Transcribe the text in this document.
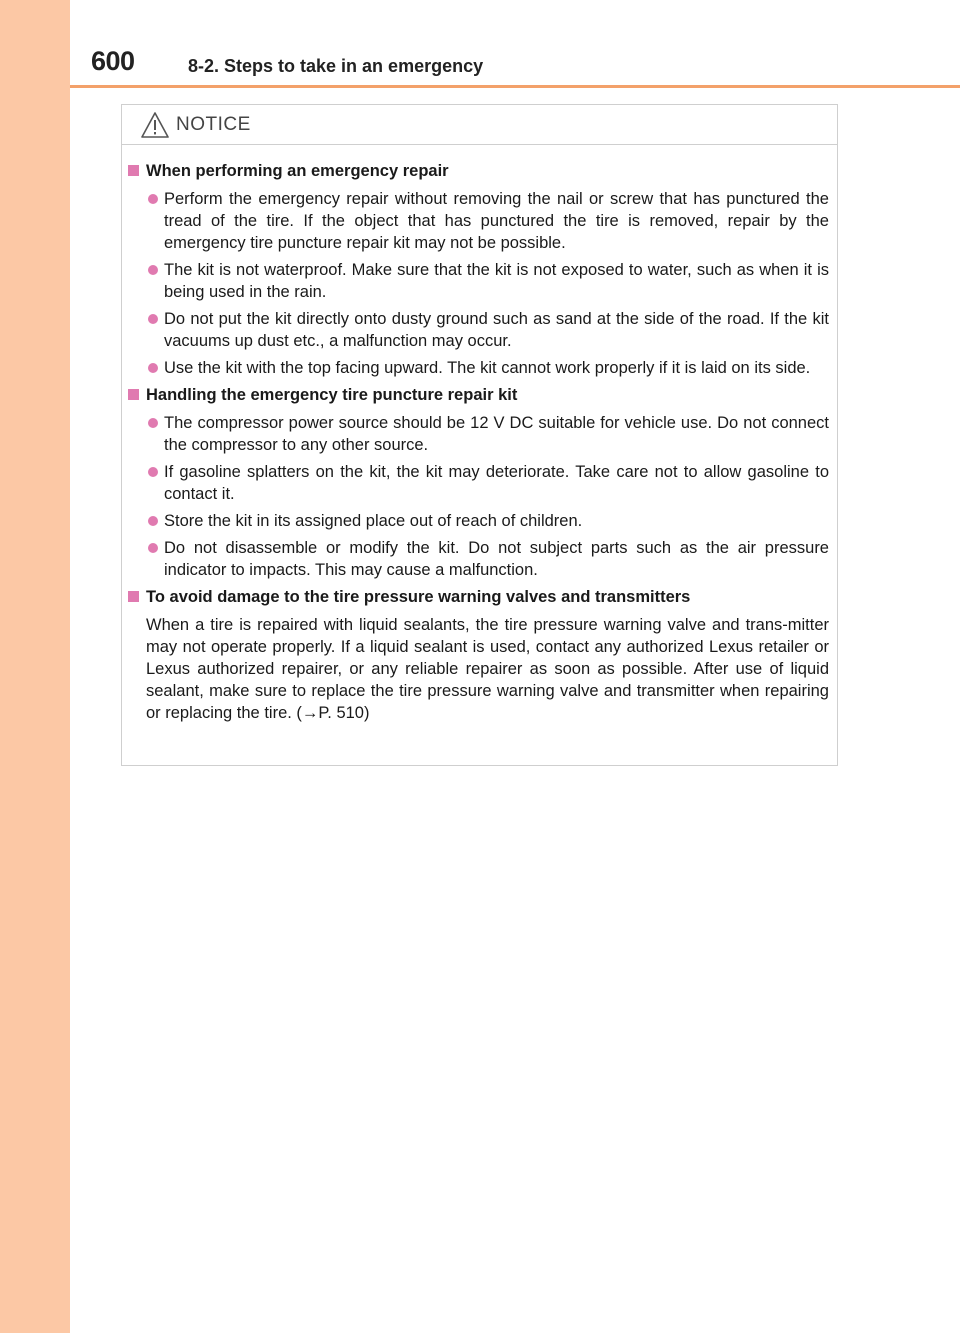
600	8-2. Steps to take in an emergency
NOTICE
When performing an emergency repair
Perform the emergency repair without removing the nail or screw that has punctured the tread of the tire. If the object that has punctured the tire is removed, repair by the emergency tire puncture repair kit may not be possible.
The kit is not waterproof. Make sure that the kit is not exposed to water, such as when it is being used in the rain.
Do not put the kit directly onto dusty ground such as sand at the side of the road. If the kit vacuums up dust etc., a malfunction may occur.
Use the kit with the top facing upward. The kit cannot work properly if it is laid on its side.
Handling the emergency tire puncture repair kit
The compressor power source should be 12 V DC suitable for vehicle use. Do not connect the compressor to any other source.
If gasoline splatters on the kit, the kit may deteriorate. Take care not to allow gasoline to contact it.
Store the kit in its assigned place out of reach of children.
Do not disassemble or modify the kit. Do not subject parts such as the air pressure indicator to impacts. This may cause a malfunction.
To avoid damage to the tire pressure warning valves and transmitters
When a tire is repaired with liquid sealants, the tire pressure warning valve and trans-mitter may not operate properly. If a liquid sealant is used, contact any authorized Lexus retailer or Lexus authorized repairer, or any reliable repairer as soon as possible. After use of liquid sealant, make sure to replace the tire pressure warning valve and transmitter when repairing or replacing the tire. (→P. 510)
